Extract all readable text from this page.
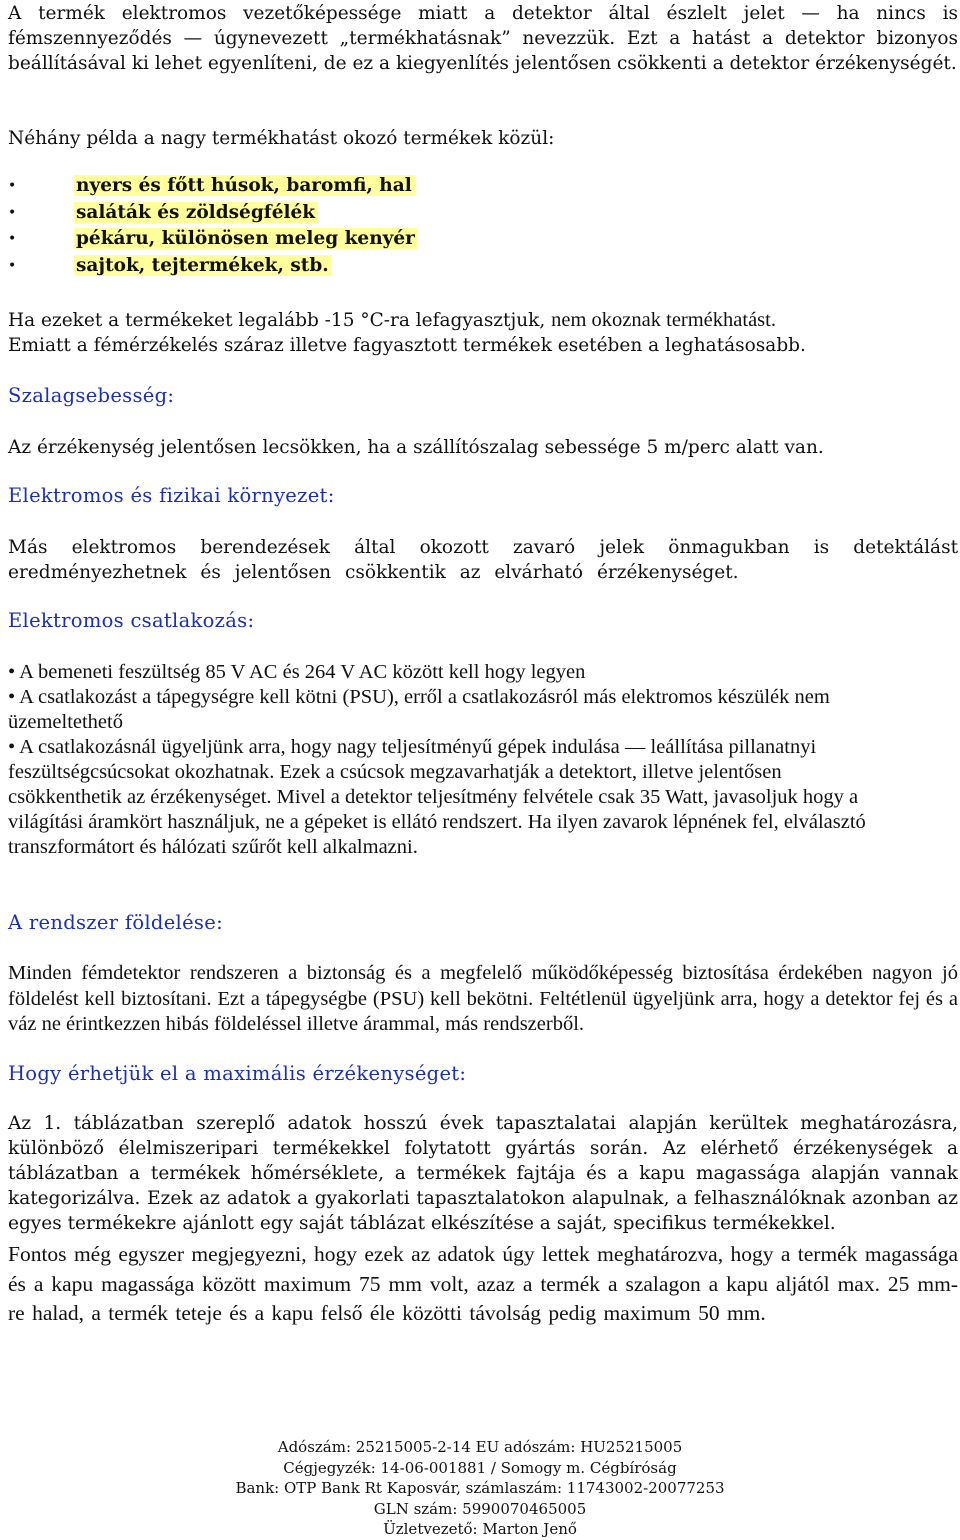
A termék elektromos vezetőképessége miatt a detektor által észlelt jelet — ha nincs is fémszennyeződés — úgynevezett „termékhatásnak” nevezzük. Ezt a hatást a detektor bizonyos beállításával ki lehet egyenlíteni, de ez a kiegyenlítés jelentősen csökkenti a detektor érzékenységét.

Néhány példa a nagy termékhatást okozó termékek közül:

•	nyers és főtt húsok, baromfi, hal
•	saláták és zöldségfélék
•	pékáru, különösen meleg kenyér
•	sajtok, tejtermékek, stb.

Ha ezeket a termékeket legalább -15 °C-ra lefagyasztjuk, nem okoznak termékhatást.
Emiatt a fémérzékelés száraz illetve fagyasztott termékek esetében a leghatásosabb.

Szalagsebesség:

Az érzékenység jelentősen lecsökken, ha a szállítószalag sebessége 5 m/perc alatt van.

Elektromos és fizikai környezet:

Más elektromos berendezések által okozott zavaró jelek önmagukban is detektálást eredményezhetnek és jelentősen csökkentik az elvárható érzékenységet.

Elektromos csatlakozás:

• A bemeneti feszültség 85 V AC és 264 V AC között kell hogy legyen
• A csatlakozást a tápegységre kell kötni (PSU), erről a csatlakozásról más elektromos készülék nem üzemeltethető
• A csatlakozásnál ügyeljünk arra, hogy nagy teljesítményű gépek indulása — leállítása pillanatnyi feszültségcsúcsokat okozhatnak. Ezek a csúcsok megzavarhatják a detektort, illetve jelentősen csökkenthetik az érzékenységet. Mivel a detektor teljesítmény felvétele csak 35 Watt, javasoljuk hogy a világítási áramkört használjuk, ne a gépeket is ellátó rendszert. Ha ilyen zavarok lépnének fel, elválasztó transzformátort és hálózati szűrőt kell alkalmazni.

A rendszer földelése:

Minden fémdetektor rendszeren a biztonság és a megfelelő működőképesség biztosítása érdekében nagyon jó földelést kell biztosítani. Ezt a tápegységbe (PSU) kell bekötni. Feltétlenül ügyeljünk arra, hogy a detektor fej és a váz ne érintkezzen hibás földeléssel illetve árammal, más rendszerből.

Hogy érhetjük el a maximális érzékenységet:

Az 1. táblázatban szereplő adatok hosszú évek tapasztalatai alapján kerültek meghatározásra, különböző élelmiszeripari termékekkel folytatott gyártás során. Az elérhető érzékenységek a táblázatban a termékek hőmérséklete, a termékek fajtája és a kapu magassága alapján vannak kategorizálva. Ezek az adatok a gyakorlati tapasztalatokon alapulnak, a felhasználóknak azonban az egyes termékekre ajánlott egy saját táblázat elkészítése a saját, specifikus termékekkel.

Fontos még egyszer megjegyezni, hogy ezek az adatok úgy lettek meghatározva, hogy a termék magassága és a kapu magassága között maximum 75 mm volt, azaz a termék a szalagon a kapu aljától max. 25 mm-re halad, a termék teteje és a kapu felső éle közötti távolság pedig maximum 50 mm.

Adószám: 25215005-2-14 EU adószám: HU25215005
Cégjegyzék: 14-06-001881 / Somogy m. Cégbíróság
Bank: OTP Bank Rt Kaposvár, számlaszám: 11743002-20077253
GLN szám: 5990070465005
Üzletvezető: Marton Jenő
